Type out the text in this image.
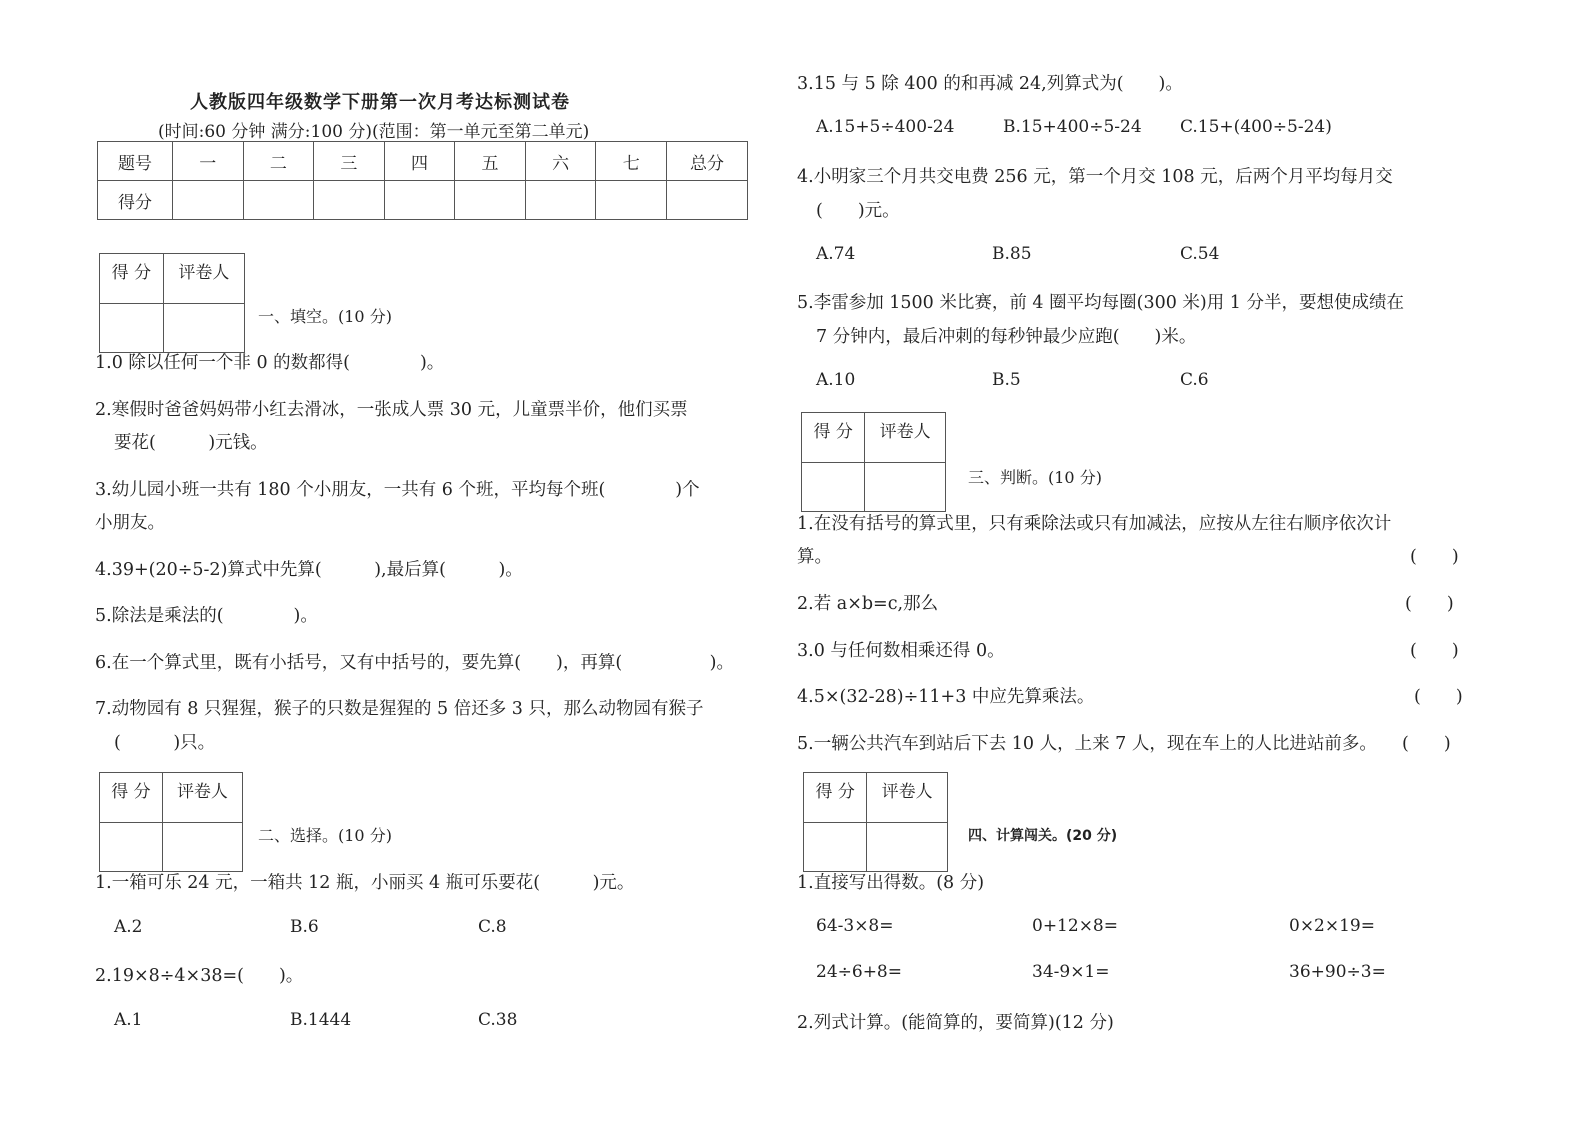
人教版四年级数学下册第一次月考达标测试卷
(时间:60 分钟 满分:100 分)(范围：第一单元至第二单元)
题号	一	二	三	四	五	六	七	总分
得分								
得 分	评卷人

一、填空。(10 分)
1.0 除以任何一个非 0 的数都得(　　　　)。
2.寒假时爸爸妈妈带小红去滑冰，一张成人票 30 元，儿童票半价，他们买票
要花(　　　)元钱。
3.幼儿园小班一共有 180 个小朋友，一共有 6 个班，平均每个班(　　　　)个
小朋友。
4.39+(20÷5-2)算式中先算(　　　),最后算(　　　)。
5.除法是乘法的(　　　　)。
6.在一个算式里，既有小括号，又有中括号的，要先算(　　)，再算(　　　　　)。
7.动物园有 8 只猩猩，猴子的只数是猩猩的 5 倍还多 3 只，那么动物园有猴子
(　　　)只。
得 分	评卷人

二、选择。(10 分)
1.一箱可乐 24 元，一箱共 12 瓶，小丽买 4 瓶可乐要花(　　　)元。
A.2	B.6	C.8
2.19×8÷4×38=(　　)。
A.1	B.1444	C.38
3.15 与 5 除 400 的和再减 24,列算式为(　　)。
A.15+5÷400-24	B.15+400÷5-24 C.15+(400÷5-24)
4.小明家三个月共交电费 256 元，第一个月交 108 元，后两个月平均每月交
(　　)元。
A.74	B.85	C.54
5.李雷参加 1500 米比赛，前 4 圈平均每圈(300 米)用 1 分半，要想使成绩在
7 分钟内，最后冲刺的每秒钟最少应跑(　　)米。
A.10	B.5	C.6
得 分	评卷人

三、判断。(10 分)
1.在没有括号的算式里，只有乘除法或只有加减法，应按从左往右顺序依次计
算。	(　　)
2.若 a×b=c,那么	(　　)
3.0 与任何数相乘还得 0。	(　　)
4.5×(32-28)÷11+3 中应先算乘法。	(　　)
5.一辆公共汽车到站后下去 10 人，上来 7 人，现在车上的人比进站前多。 (　　)
得 分	评卷人

四、计算闯关。(20 分)
1.直接写出得数。(8 分)
64-3×8=	0+12×8=	0×2×19=
24÷6+8=	34-9×1=	36+90÷3=
2.列式计算。(能简算的，要简算)(12 分)
